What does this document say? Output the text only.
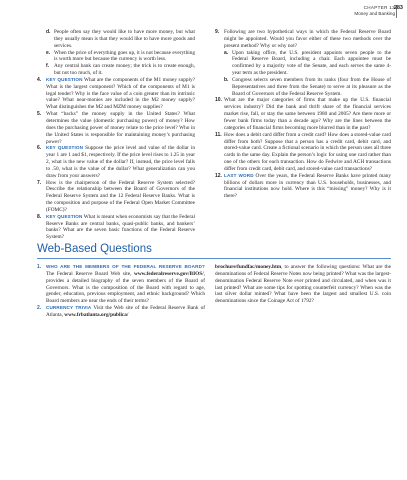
CHAPTER 13
Money and Banking
283

d. People often say they would like to have more money, but what they usually mean is that they would like to have more goods and services.

e. When the price of everything goes up, it is not because everything is worth more but because the currency is worth less.

f. Any central bank can create money; the trick is to create enough, but not too much, of it.

4. KEY QUESTION What are the components of the M1 money supply? What is the largest component? Which of the components of M1 is legal tender? Why is the face value of a coin greater than its intrinsic value? What near-monies are included in the M2 money supply? What distinguishes the M2 and MZM money supplies?

5. What “backs” the money supply in the United States? What determines the value (domestic purchasing power) of money? How does the purchasing power of money relate to the price level? Who in the United States is responsible for maintaining money’s purchasing power?

6. KEY QUESTION Suppose the price level and value of the dollar in year 1 are 1 and $1, respectively. If the price level rises to 1.25 in year 2, what is the new value of the dollar? If, instead, the price level falls to .50, what is the value of the dollar? What generalization can you draw from your answers?

7. How is the chairperson of the Federal Reserve System selected? Describe the relationship between the Board of Governors of the Federal Reserve System and the 12 Federal Reserve Banks. What is the composition and purpose of the Federal Open Market Committee (FOMC)?

8. KEY QUESTION What is meant when economists say that the Federal Reserve Banks are central banks, quasi-public banks, and bankers’ banks? What are the seven basic functions of the Federal Reserve System?

9. Following are two hypothetical ways in which the Federal Reserve Board might be appointed. Would you favor either of these two methods over the present method? Why or why not?

a. Upon taking office, the U.S. president appoints seven people to the Federal Reserve Board, including a chair. Each appointee must be confirmed by a majority vote of the Senate, and each serves the same 4-year term as the president.

b. Congress selects seven members from its ranks (four from the House of Representatives and three from the Senate) to serve at its pleasure as the Board of Governors of the Federal Reserve System.

10. What are the major categories of firms that make up the U.S. financial services industry? Did the bank and thrift share of the financial services market rise, fall, or stay the same between 1980 and 2005? Are there more or fewer bank firms today than a decade ago? Why are the lines between the categories of financial firms becoming more blurred than in the past?

11. How does a debit card differ from a credit card? How does a stored-value card differ from both? Suppose that a person has a credit card, debit card, and stored-value card. Create a fictional scenario in which the person uses all three cards in the same day. Explain the person’s logic for using one card rather than one of the others for each transaction. How do Fedwire and ACH transactions differ from credit card, debit card, and stored-value card transactions?

12. LAST WORD Over the years, the Federal Reserve Banks have printed many billions of dollars more in currency than U.S. households, businesses, and financial institutions now hold. Where is this “missing” money? Why is it there?

Web-Based Questions

1. WHO ARE THE MEMBERS OF THE FEDERAL RESERVE BOARD? The Federal Reserve Board Web site, www.federalreserve.gov/BIOS/, provides a detailed biography of the seven members of the Board of Governors. What is the composition of the Board with regard to age, gender, education, previous employment, and ethnic background? Which Board members are near the ends of their terms?

2. CURRENCY TRIVIA Visit the Web site of the Federal Reserve Bank of Atlanta, www.frbatlanta.org/publica/

brochure/fundfac/money.htm, to answer the following questions: What are the denominations of Federal Reserve Notes now being printed? What was the largest-denomination Federal Reserve Note ever printed and circulated, and when was it last printed? What are some tips for spotting counterfeit currency? When was the last silver dollar minted? What have been the largest and smallest U.S. coin denominations since the Coinage Act of 1792?
